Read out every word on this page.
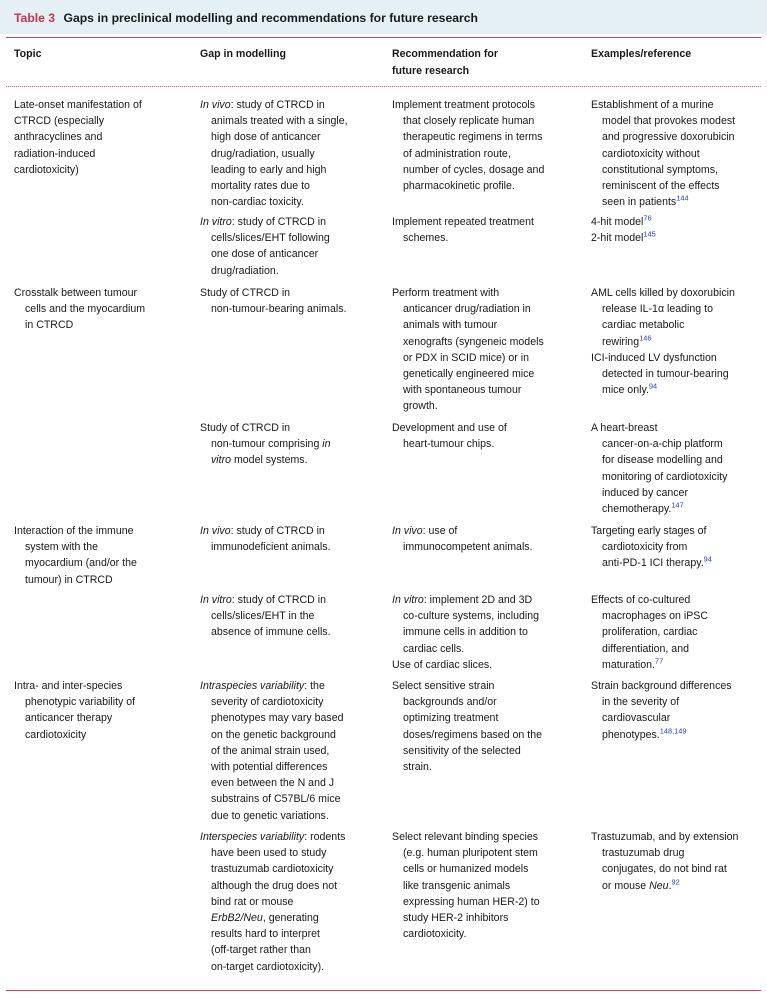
Table 3 Gaps in preclinical modelling and recommendations for future research
Topic	Gap in modelling	Recommendation for
future research
Examples/reference
Late-onset manifestation of
CTRCD (especially
anthracyclines and
radiation-induced
cardiotoxicity)
In vivo: study of CTRCD in
animals treated with a single,
high dose of anticancer
drug/radiation, usually
leading to early and high
mortality rates due to
non-cardiac toxicity.
Implement treatment protocols
that closely replicate human
therapeutic regimens in terms
of administration route,
number of cycles, dosage and
pharmacokinetic profile.
Establishment of a murine
model that provokes modest
and progressive doxorubicin
cardiotoxicity without
constitutional symptoms,
reminiscent of the effects
seen in patients$^{144}$
In vitro: study of CTRCD in
cells/slices/EHT following
one dose of anticancer
drug/radiation.
Implement repeated treatment
schemes.
4-hit model$^{76}$
2-hit model$^{145}$
Crosstalk between tumour
cells and the myocardium
in CTRCD
Study of CTRCD in
non-tumour-bearing animals.
Perform treatment with
anticancer drug/radiation in
animals with tumour
xenografts (syngeneic models
or PDX in SCID mice) or in
genetically engineered mice
with spontaneous tumour
growth.
AML cells killed by doxorubicin
release IL-1α leading to
cardiac metabolic
rewiring$^{146}$
ICI-induced LV dysfunction
detected in tumour-bearing
mice only.$^{94}$
Study of CTRCD in
non-tumour comprising in
vitro model systems.
Development and use of
heart-tumour chips.
A heart-breast
cancer-on-a-chip platform
for disease modelling and
monitoring of cardiotoxicity
induced by cancer
chemotherapy.$^{147}$
Interaction of the immune
system with the
myocardium (and/or the
tumour) in CTRCD
In vivo: study of CTRCD in
immunodeficient animals.
In vivo: use of
immunocompetent animals.
Targeting early stages of
cardiotoxicity from
anti-PD-1 ICI therapy.$^{94}$
In vitro: study of CTRCD in
cells/slices/EHT in the
absence of immune cells.
In vitro: implement 2D and 3D
co-culture systems, including
immune cells in addition to
cardiac cells.
Use of cardiac slices.
Effects of co-cultured
macrophages on iPSC
proliferation, cardiac
differentiation, and
maturation.$^{77}$
Intra- and inter-species
phenotypic variability of
anticancer therapy
cardiotoxicity
Intraspecies variability: the
severity of cardiotoxicity
phenotypes may vary based
on the genetic background
of the animal strain used,
with potential differences
even between the N and J
substrains of C57BL/6 mice
due to genetic variations.
Select sensitive strain
backgrounds and/or
optimizing treatment
doses/regimens based on the
sensitivity of the selected
strain.
Strain background differences
in the severity of
cardiovascular
phenotypes.$^{148,149}$
Interspecies variability: rodents
have been used to study
trastuzumab cardiotoxicity
although the drug does not
bind rat or mouse
ErbB2/Neu, generating
results hard to interpret
(off-target rather than
on-target cardiotoxicity).
Select relevant binding species
(e.g. human pluripotent stem
cells or humanized models
like transgenic animals
expressing human HER-2) to
study HER-2 inhibitors
cardiotoxicity.
Trastuzumab, and by extension
trastuzumab drug
conjugates, do not bind rat
or mouse Neu.$^{92}$
